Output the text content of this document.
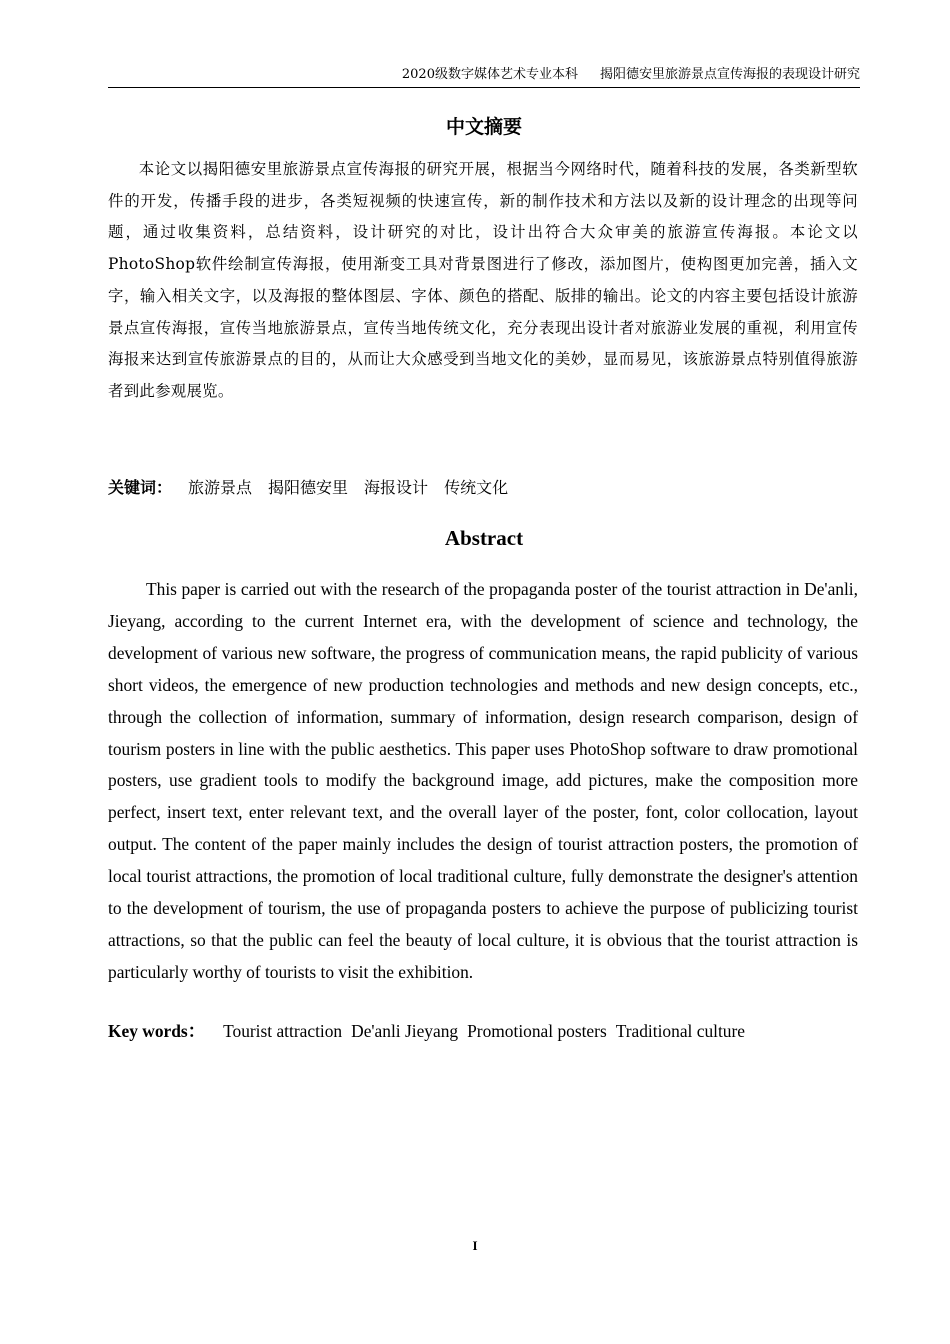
2020级数字媒体艺术专业本科 揭阳德安里旅游景点宣传海报的表现设计研究
中文摘要

本论文以揭阳德安里旅游景点宣传海报的研究开展，根据当今网络时代，随着科技的发展，各类新型软件的开发，传播手段的进步，各类短视频的快速宣传，新的制作技术和方法以及新的设计理念的出现等问题，通过收集资料，总结资料，设计研究的对比，设计出符合大众审美的旅游宣传海报。本论文以PhotoShop软件绘制宣传海报，使用渐变工具对背景图进行了修改，添加图片，使构图更加完善，插入文字，输入相关文字，以及海报的整体图层、字体、颜色的搭配、版排的输出。论文的内容主要包括设计旅游景点宣传海报，宣传当地旅游景点，宣传当地传统文化，充分表现出设计者对旅游业发展的重视，利用宣传海报来达到宣传旅游景点的目的，从而让大众感受到当地文化的美妙，显而易见，该旅游景点特别值得旅游者到此参观展览。

关键词： 旅游景点 揭阳德安里 海报设计 传统文化
Abstract

This paper is carried out with the research of the propaganda poster of the tourist attraction in De'anli, Jieyang, according to the current Internet era, with the development of science and technology, the development of various new software, the progress of communication means, the rapid publicity of various short videos, the emergence of new production technologies and methods and new design concepts, etc., through the collection of information, summary of information, design research comparison, design of tourism posters in line with the public aesthetics. This paper uses PhotoShop software to draw promotional posters, use gradient tools to modify the background image, add pictures, make the composition more perfect, insert text, enter relevant text, and the overall layer of the poster, font, color collocation, layout output. The content of the paper mainly includes the design of tourist attraction posters, the promotion of local tourist attractions, the promotion of local traditional culture, fully demonstrate the designer's attention to the development of tourism, the use of propaganda posters to achieve the purpose of publicizing tourist attractions, so that the public can feel the beauty of local culture, it is obvious that the tourist attraction is particularly worthy of tourists to visit the exhibition.

Key words： Tourist attraction De'anli Jieyang Promotional posters Traditional culture
I
